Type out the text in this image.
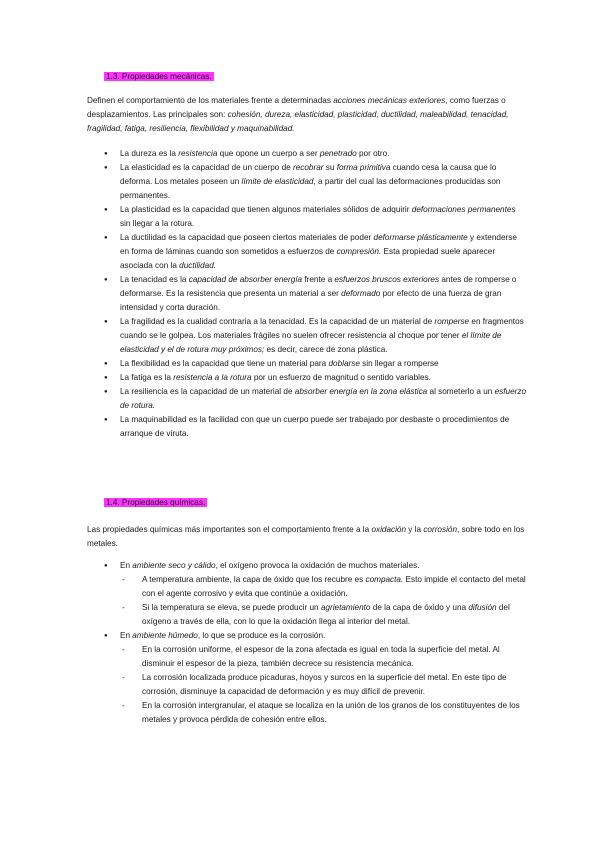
1.3. Propiedades mecánicas.

Definen el comportamiento de los materiales frente a determinadas acciones mecánicas exteriores, como fuerzas o desplazamientos. Las principales son: cohesión, dureza, elasticidad, plasticidad, ductilidad, maleabilidad, tenacidad, fragilidad, fatiga, resiliencia, flexibilidad y maquinabilidad.

● La dureza es la resistencia que opone un cuerpo a ser penetrado por otro.
● La elasticidad es la capacidad de un cuerpo de recobrar su forma primitiva cuando cesa la causa que lo deforma. Los metales poseen un límite de elasticidad, a partir del cual las deformaciones producidas son permanentes.
● La plasticidad es la capacidad que tienen algunos materiales sólidos de adquirir deformaciones permanentes sin llegar a la rotura.
● La ductilidad es la capacidad que poseen ciertos materiales de poder deformarse plásticamente y extenderse en forma de láminas cuando son sometidos a esfuerzos de compresión. Esta propiedad suele aparecer asociada con la ductilidad.
● La tenacidad es la capacidad de absorber energía frente a esfuerzos bruscos exteriores antes de romperse o deformarse. Es la resistencia que presenta un material a ser deformado por efecto de una fuerza de gran intensidad y corta duración.
● La fragilidad es la cualidad contraria a la tenacidad. Es la capacidad de un material de romperse en fragmentos cuando se le golpea. Los materiales frágiles no suelen ofrecer resistencia al choque por tener el límite de elasticidad y el de rotura muy próximos; es decir, carece de zona plástica.
● La flexibilidad es la capacidad que tiene un material para doblarse sin llegar a romperse
● La fatiga es la resistencia a la rotura por un esfuerzo de magnitud o sentido variables.
● La resiliencia es la capacidad de un material de absorber energía en la zona elástica al someterlo a un esfuerzo de rotura.
● La maquinabilidad es la facilidad con que un cuerpo puede ser trabajado por desbaste o procedimientos de arranque de viruta.
1.4. Propiedades químicas.

Las propiedades químicas más importantes son el comportamiento frente a la oxidación y la corrosión, sobre todo en los metales.

● En ambiente seco y cálido, el oxígeno provoca la oxidación de muchos materiales.
- A temperatura ambiente, la capa de óxido que los recubre es compacta. Esto impide el contacto del metal con el agente corrosivo y evita que continúe a oxidación.
- Si la temperatura se eleva, se puede producir un agrietamiento de la capa de óxido y una difusión del oxígeno a través de ella, con lo que la oxidación llega al interior del metal.
● En ambiente húmedo, lo que se produce es la corrosión.
- En la corrosión uniforme, el espesor de la zona afectada es igual en toda la superficie del metal. Al disminuir el espesor de la pieza, también decrece su resistencia mecánica.
- La corrosión localizada produce picaduras, hoyos y surcos en la superficie del metal. En este tipo de corrosión, disminuye la capacidad de deformación y es muy difícil de prevenir.
- En la corrosión intergranular, el ataque se localiza en la unión de los granos de los constituyentes de los metales y provoca pérdida de cohesión entre ellos.
